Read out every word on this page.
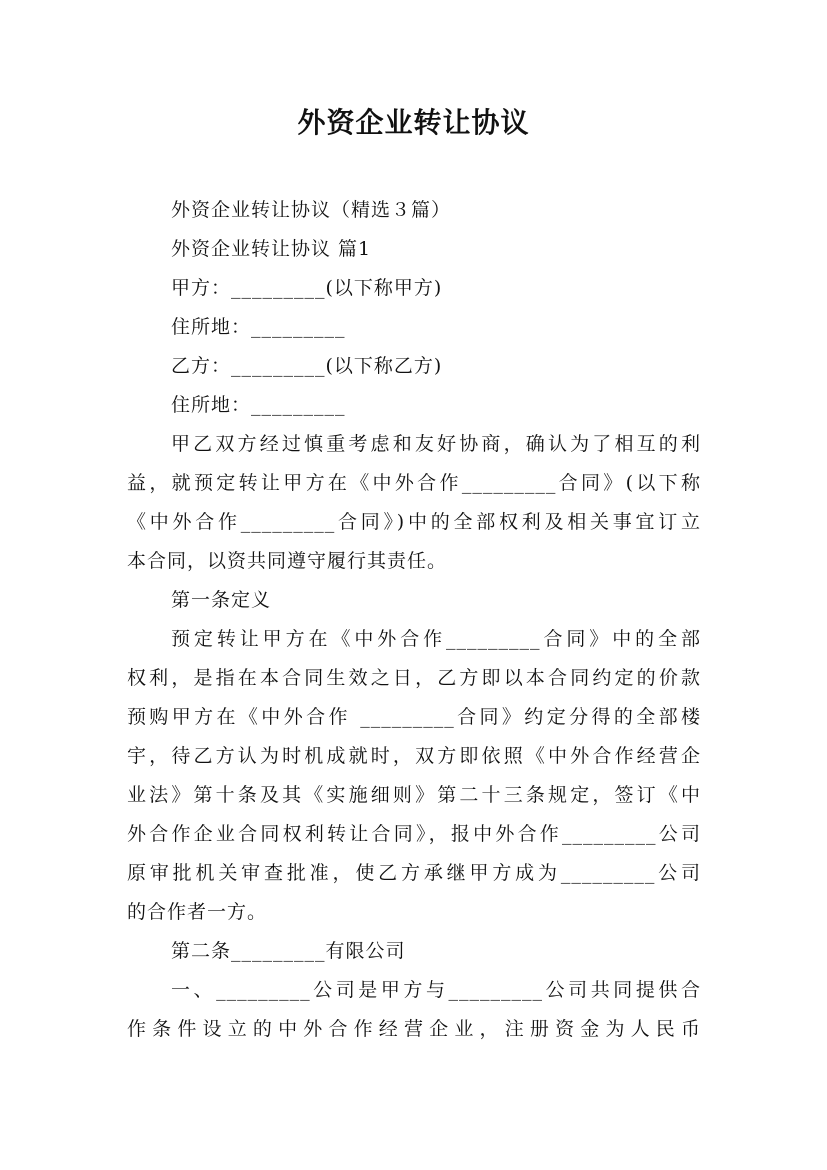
外资企业转让协议

外资企业转让协议（精选３篇）

外资企业转让协议 篇1

甲方：_________(以下称甲方)

住所地：_________

乙方：_________(以下称乙方)

住所地：_________

甲乙双方经过慎重考虑和友好协商，确认为了相互的利

益，就预定转让甲方在《中外合作_________合同》(以下称

《中外合作_________合同》)中的全部权利及相关事宜订立

本合同，以资共同遵守履行其责任。

第一条定义

预定转让甲方在《中外合作_________合同》中的全部

权利，是指在本合同生效之日，乙方即以本合同约定的价款

预购甲方在《中外合作 _________合同》约定分得的全部楼

宇，待乙方认为时机成就时，双方即依照《中外合作经营企

业法》第十条及其《实施细则》第二十三条规定，签订《中

外合作企业合同权利转让合同》，报中外合作_________公司

原审批机关审查批准，使乙方承继甲方成为_________公司

的合作者一方。

第二条_________有限公司

一、_________公司是甲方与_________公司共同提供合

作条件设立的中外合作经营企业，注册资金为人民币
